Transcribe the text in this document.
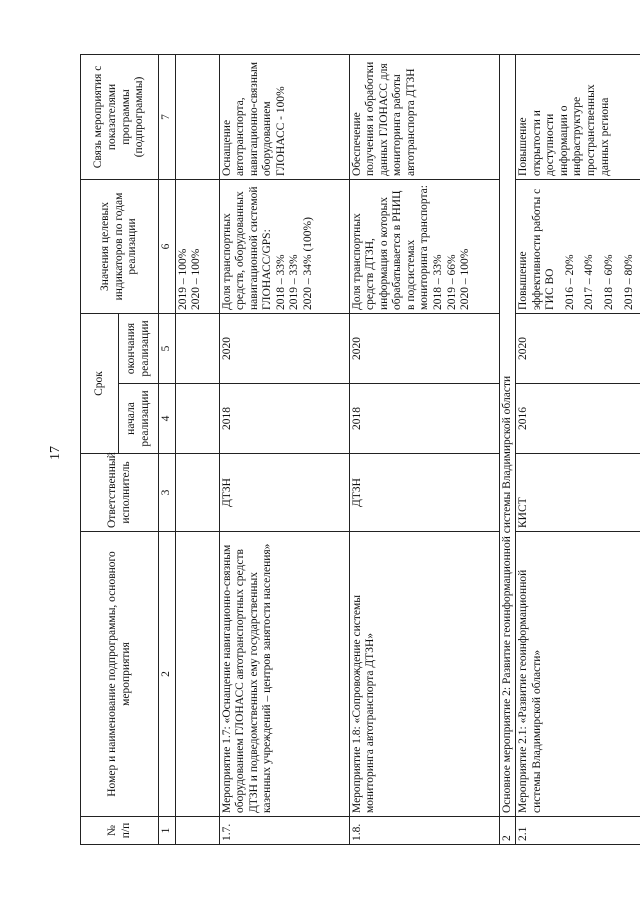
17
№ п/п	Номер и наименование подпрограммы, основного мероприятия	Ответственный исполнитель	Срок		Значения целевых индикаторов по годам реализации	Связь мероприятия с показателями программы (подпрограммы)
			начала реализации	окончания реализации		
1	2	3	4	5	6	7

					2019 – 100% 2020 – 100%	

1.7.	Мероприятие 1.7: «Оснащение навигационно-связным оборудованием ГЛОНАСС автотранспортных средств ДТЗН и подведомственных ему государственных казенных учреждений – центров занятости населения»	ДТЗН	2018	2020	Доля транспортных средств, оборудованных навигационной системой ГЛОНАСС/GPS: 2018 – 33% 2019 – 33% 2020 – 34% (100%)	Оснащение автотранспорта, навигационно-связным оборудованием ГЛОНАСС - 100%
1.8.	Мероприятие 1.8: «Сопровождение системы мониторинга автотранспорта ДТЗН»	ДТЗН	2018	2020	Доля транспортных средств ДТЗН, информация о которых обрабатывается в РНИЦ в подсистемах мониторинга транспорта: 2018 – 33% 2019 – 66% 2020 – 100%	Обеспечение получения и обработки данных ГЛОНАСС для мониторинга работы автотранспорта ДТЗН
2	Основное мероприятие 2: Развитие геоинформационной системы Владимирской области					
2.1	Мероприятие 2.1: «Развитие геоинформационной системы Владимирской области»	КИСТ	2016	2020	Повышение эффективности работы с ГИС ВО 2016 – 20% 2017 – 40% 2018 – 60% 2019 – 80%	Повышение открытости и доступности информации о инфраструктуре пространственных данных региона
